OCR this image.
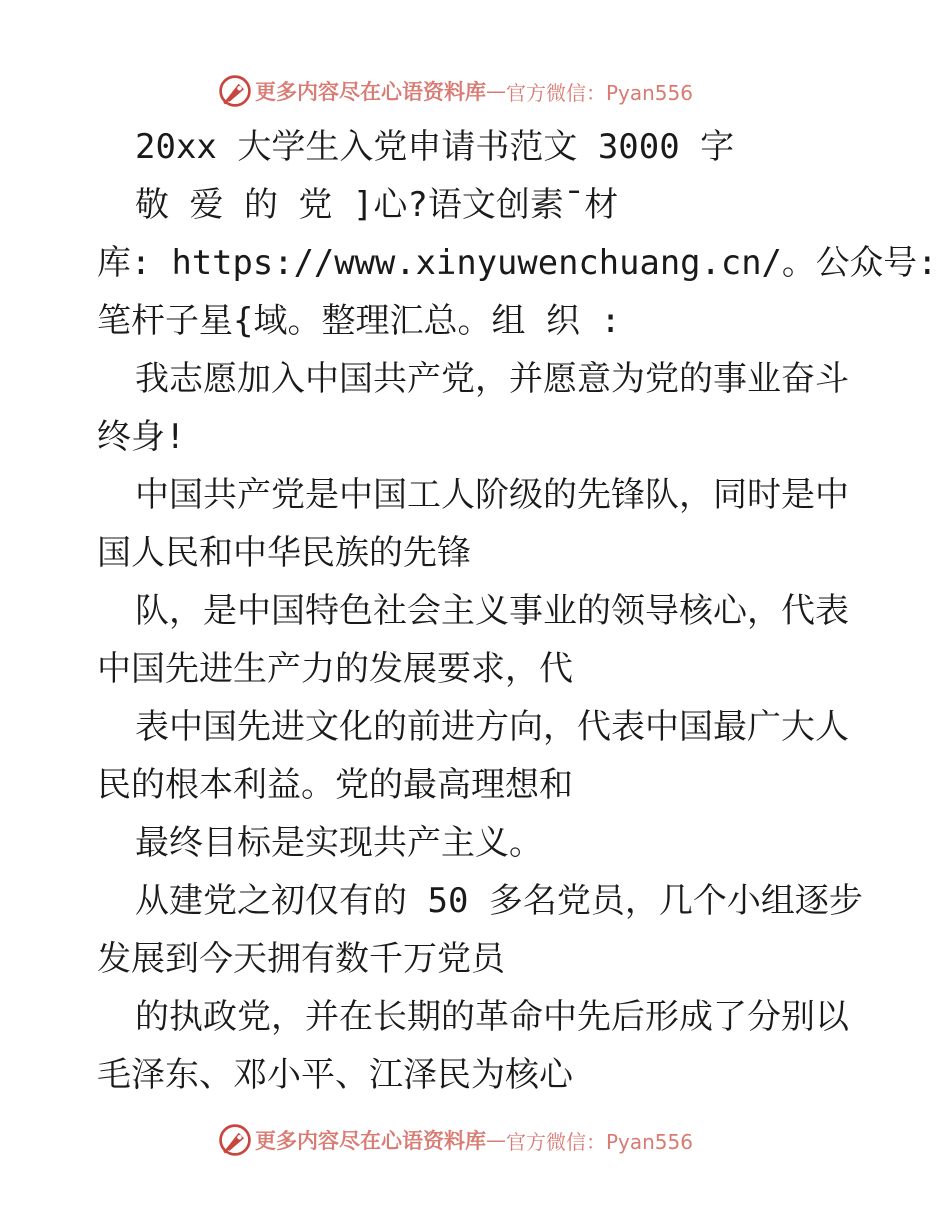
更多内容尽在心语资料库 — 官方微信：Pyan556
20xx 大学生入党申请书范文 3000 字
敬 爱 的 党 ]心?语文创素¯材
库: https://www.xinyuwenchuang.cn/。公众号:
笔杆子星{域。整理汇总。组 织 :
我志愿加入中国共产党，并愿意为党的事业奋斗
终身!
中国共产党是中国工人阶级的先锋队，同时是中
国人民和中华民族的先锋
队，是中国特色社会主义事业的领导核心，代表
中国先进生产力的发展要求，代
表中国先进文化的前进方向，代表中国最广大人
民的根本利益。党的最高理想和
最终目标是实现共产主义。
从建党之初仅有的 50 多名党员，几个小组逐步
发展到今天拥有数千万党员
的执政党，并在长期的革命中先后形成了分别以
毛泽东、邓小平、江泽民为核心
更多内容尽在心语资料库 — 官方微信：Pyan556
